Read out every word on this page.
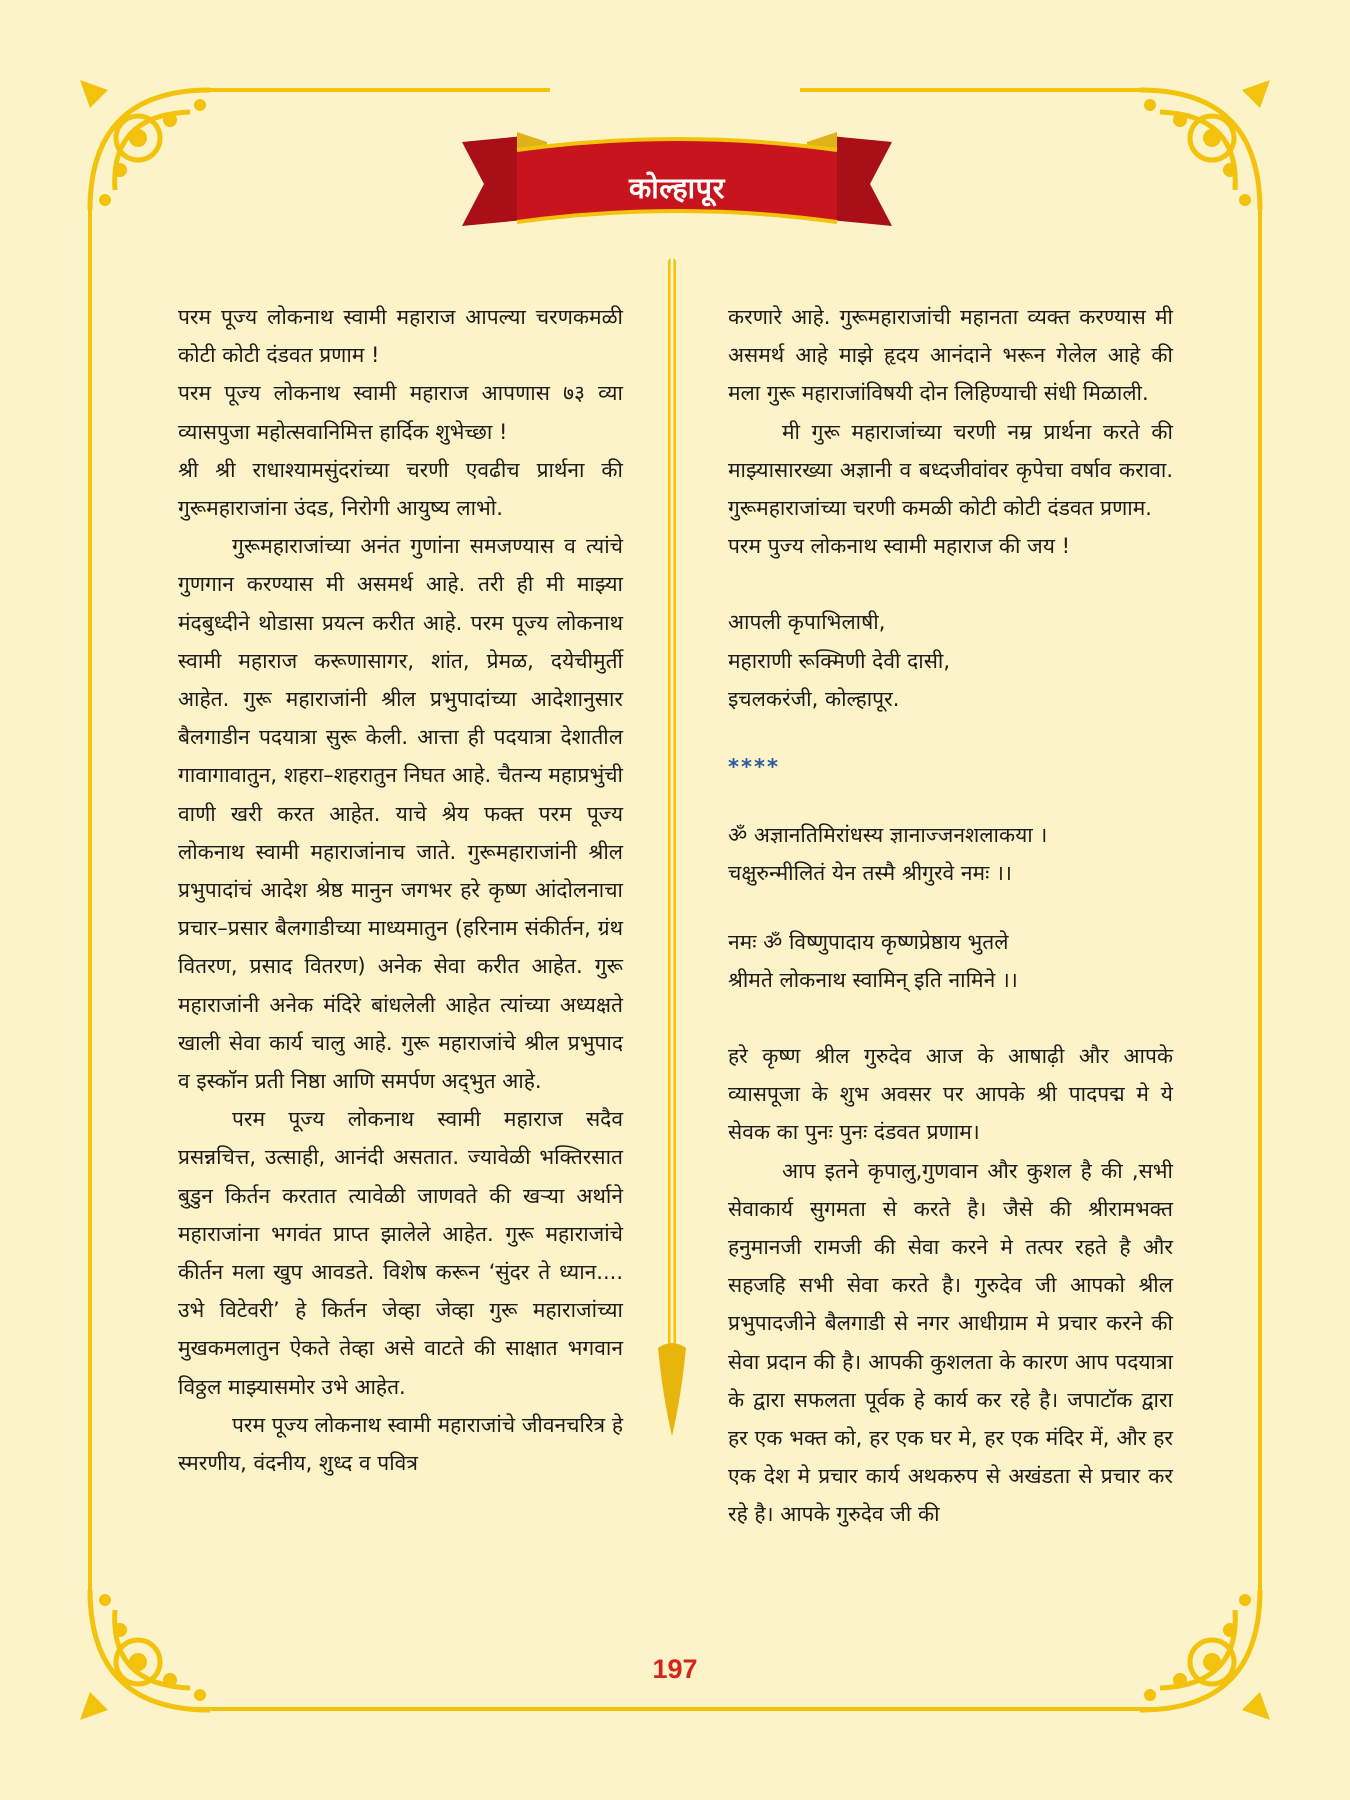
कोल्हापूर

परम पूज्य लोकनाथ स्वामी महाराज आपल्या चरणकमळी कोटी कोटी दंडवत प्रणाम !

परम पूज्य लोकनाथ स्वामी महाराज आपणास ७३ व्या व्यासपुजा महोत्सवानिमित्त हार्दिक शुभेच्छा !

श्री श्री राधाश्यामसुंदरांच्या चरणी एवढीच प्रार्थना की गुरूमहाराजांना उंदड, निरोगी आयुष्य लाभो.

गुरूमहाराजांच्या अनंत गुणांना समजण्यास व त्यांचे गुणगान करण्यास मी असमर्थ आहे. तरी ही मी माझ्या मंदबुध्दीने थोडासा प्रयत्न करीत आहे. परम पूज्य लोकनाथ स्वामी महाराज करूणासागर, शांत, प्रेमळ, दयेचीमुर्ती आहेत. गुरू महाराजांनी श्रील प्रभुपादांच्या आदेशानुसार बैलगाडीन पदयात्रा सुरू केली. आत्ता ही पदयात्रा देशातील गावागावातुन, शहरा–शहरातुन निघत आहे. चैतन्य महाप्रभुंची वाणी खरी करत आहेत. याचे श्रेय फक्त परम पूज्य लोकनाथ स्वामी महाराजांनाच जाते. गुरूमहाराजांनी श्रील प्रभुपादांचं आदेश श्रेष्ठ मानुन जगभर हरे कृष्ण आंदोलनाचा प्रचार–प्रसार बैलगाडीच्या माध्यमातुन (हरिनाम संकीर्तन, ग्रंथ वितरण, प्रसाद वितरण) अनेक सेवा करीत आहेत. गुरू महाराजांनी अनेक मंदिरे बांधलेली आहेत त्यांच्या अध्यक्षते खाली सेवा कार्य चालु आहे. गुरू महाराजांचे श्रील प्रभुपाद व इस्कॉन प्रती निष्ठा आणि समर्पण अद्‌भुत आहे.

परम पूज्य लोकनाथ स्वामी महाराज सदैव प्रसन्नचित्त, उत्साही, आनंदी असतात. ज्यावेळी भक्तिरसात बुडुन किर्तन करतात त्यावेळी जाणवते की खऱ्या अर्थाने महाराजांना भगवंत प्राप्त झालेले आहेत. गुरू महाराजांचे कीर्तन मला खुप आवडते. विशेष करून ‘सुंदर ते ध्यान.... उभे विटेवरी’ हे किर्तन जेव्हा जेव्हा गुरू महाराजांच्या मुखकमलातुन ऐकते तेव्हा असे वाटते की साक्षात भगवान विठ्ठल माझ्यासमोर उभे आहेत.

परम पूज्य लोकनाथ स्वामी महाराजांचे जीवनचरित्र हे स्मरणीय, वंदनीय, शुध्द व पवित्र

करणारे आहे. गुरूमहाराजांची महानता व्यक्त करण्यास मी असमर्थ आहे माझे हृदय आनंदाने भरून गेलेल आहे की मला गुरू महाराजांविषयी दोन लिहिण्याची संधी मिळाली.

मी गुरू महाराजांच्या चरणी नम्र प्रार्थना करते की माझ्यासारख्या अज्ञानी व बध्दजीवांवर कृपेचा वर्षाव करावा. गुरूमहाराजांच्या चरणी कमळी कोटी कोटी दंडवत प्रणाम.

परम पुज्य लोकनाथ स्वामी महाराज की जय !

आपली कृपाभिलाषी,

महाराणी रूक्मिणी देवी दासी,

इचलकरंजी, कोल्हापूर.

****

ॐ अज्ञानतिमिरांधस्य ज्ञानाज्जनशलाकया ।

चक्षुरुन्मीलितं येन तस्मै श्रीगुरवे नमः ।।

नमः ॐ विष्णुपादाय कृष्णप्रेष्ठाय भुतले

श्रीमते लोकनाथ स्वामिन् इति नामिने ।।

हरे कृष्ण श्रील गुरुदेव आज के आषाढ़ी और आपके व्यासपूजा के शुभ अवसर पर आपके श्री पादपद्म मे ये सेवक का पुनः पुनः दंडवत प्रणाम।

आप इतने कृपालु,गुणवान और कुशल है की ,सभी सेवाकार्य सुगमता से करते है। जैसे की श्रीरामभक्त हनुमानजी रामजी की सेवा करने मे तत्पर रहते है और सहजहि सभी सेवा करते है। गुरुदेव जी आपको श्रील प्रभुपादजीने बैलगाडी से नगर आधीग्राम मे प्रचार करने की सेवा प्रदान की है। आपकी कुशलता के कारण आप पदयात्रा के द्वारा सफलता पूर्वक हे कार्य कर रहे है। जपाटॉक द्वारा हर एक भक्त को, हर एक घर मे, हर एक मंदिर में, और हर एक देश मे प्रचार कार्य अथकरुप से अखंडता से प्रचार कर रहे है। आपके गुरुदेव जी की

197
